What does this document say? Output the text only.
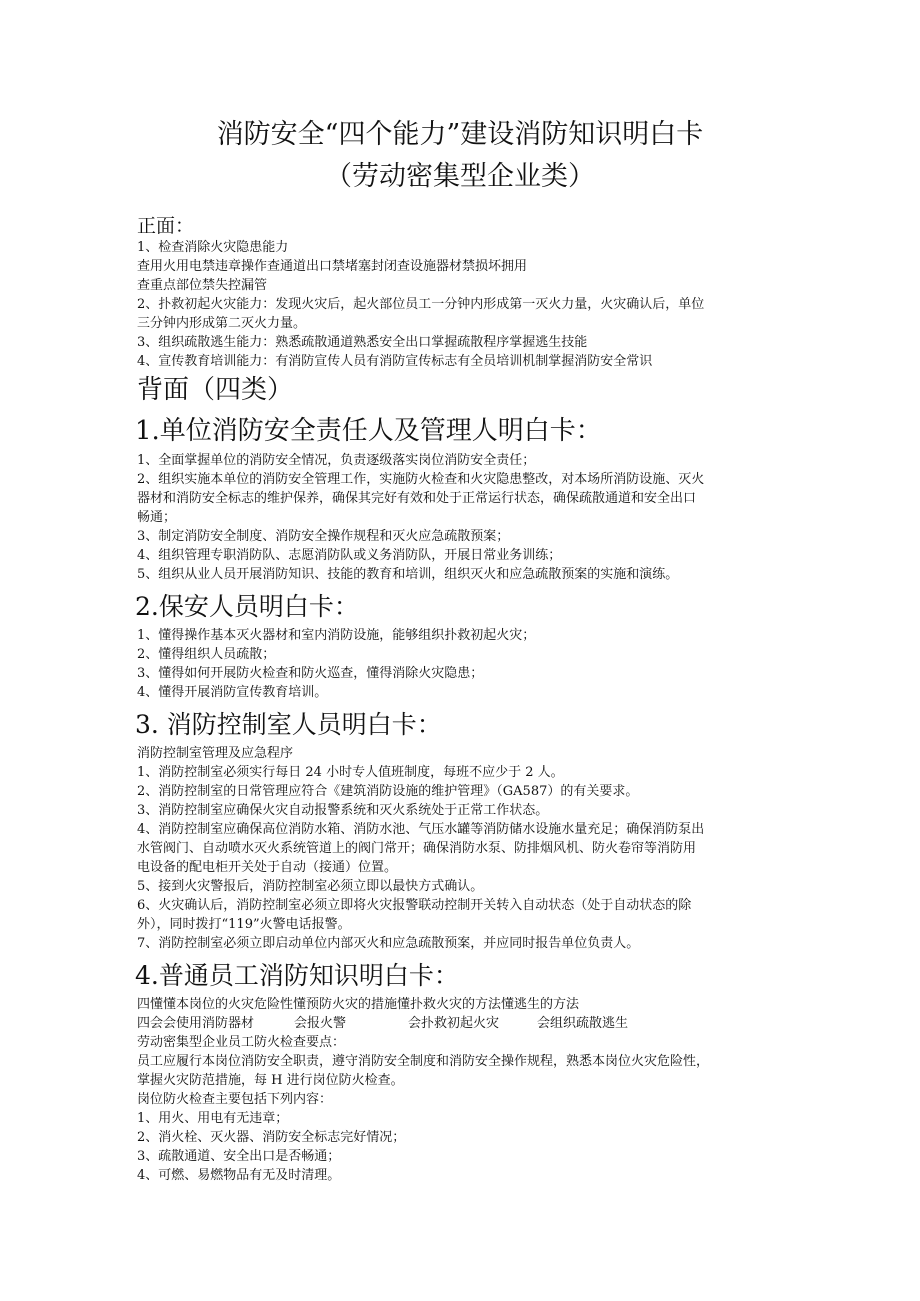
消防安全“四个能力”建设消防知识明白卡
（劳动密集型企业类）

正面：

1、检查消除火灾隐患能力

查用火用电禁违章操作查通道出口禁堵塞封闭查设施器材禁损坏拥用

查重点部位禁失控漏管

2、扑救初起火灾能力：发现火灾后，起火部位员工一分钟内形成第一灭火力量，火灾确认后，单位

三分钟内形成第二灭火力量。

3、组织疏散逃生能力：熟悉疏散通道熟悉安全出口掌握疏散程序掌握逃生技能

4、宣传教育培训能力：有消防宣传人员有消防宣传标志有全员培训机制掌握消防安全常识

背面（四类）

1.单位消防安全责任人及管理人明白卡：

1、全面掌握单位的消防安全情况，负责逐级落实岗位消防安全责任；

2、组织实施本单位的消防安全管理工作，实施防火检查和火灾隐患整改，对本场所消防设施、灭火

器材和消防安全标志的维护保养，确保其完好有效和处于正常运行状态，确保疏散通道和安全出口

畅通；

3、制定消防安全制度、消防安全操作规程和灭火应急疏散预案；

4、组织管理专职消防队、志愿消防队或义务消防队，开展日常业务训练；

5、组织从业人员开展消防知识、技能的教育和培训，组织灭火和应急疏散预案的实施和演练。

2.保安人员明白卡：

1、懂得操作基本灭火器材和室内消防设施，能够组织扑救初起火灾；

2、懂得组织人员疏散；

3、懂得如何开展防火检查和防火巡查，懂得消除火灾隐患；

4、懂得开展消防宣传教育培训。

3. 消防控制室人员明白卡：

消防控制室管理及应急程序

1、消防控制室必须实行每日 24 小时专人值班制度，每班不应少于 2 人。

2、消防控制室的日常管理应符合《建筑消防设施的维护管理》（GA587）的有关要求。

3、消防控制室应确保火灾自动报警系统和灭火系统处于正常工作状态。

4、消防控制室应确保高位消防水箱、消防水池、气压水罐等消防储水设施水量充足；确保消防泵出

水管阀门、自动喷水灭火系统管道上的阀门常开；确保消防水泵、防排烟风机、防火卷帘等消防用

电设备的配电柜开关处于自动（接通）位置。

5、接到火灾警报后，消防控制室必须立即以最快方式确认。

6、火灾确认后，消防控制室必须立即将火灾报警联动控制开关转入自动状态（处于自动状态的除

外），同时拨打“119”火警电话报警。

7、消防控制室必须立即启动单位内部灭火和应急疏散预案，并应同时报告单位负责人。

4.普通员工消防知识明白卡：

四懂懂本岗位的火灾危险性懂预防火灾的措施懂扑救火灾的方法懂逃生的方法

四会会使用消防器材	会报火警	会扑救初起火灾	会组织疏散逃生

劳动密集型企业员工防火检查要点：

员工应履行本岗位消防安全职责，遵守消防安全制度和消防安全操作规程，熟悉本岗位火灾危险性，

掌握火灾防范措施，每 H 进行岗位防火检查。

岗位防火检查主要包括下列内容：

1、用火、用电有无违章；

2、消火栓、灭火器、消防安全标志完好情况；

3、疏散通道、安全出口是否畅通；

4、可燃、易燃物品有无及时清理。
